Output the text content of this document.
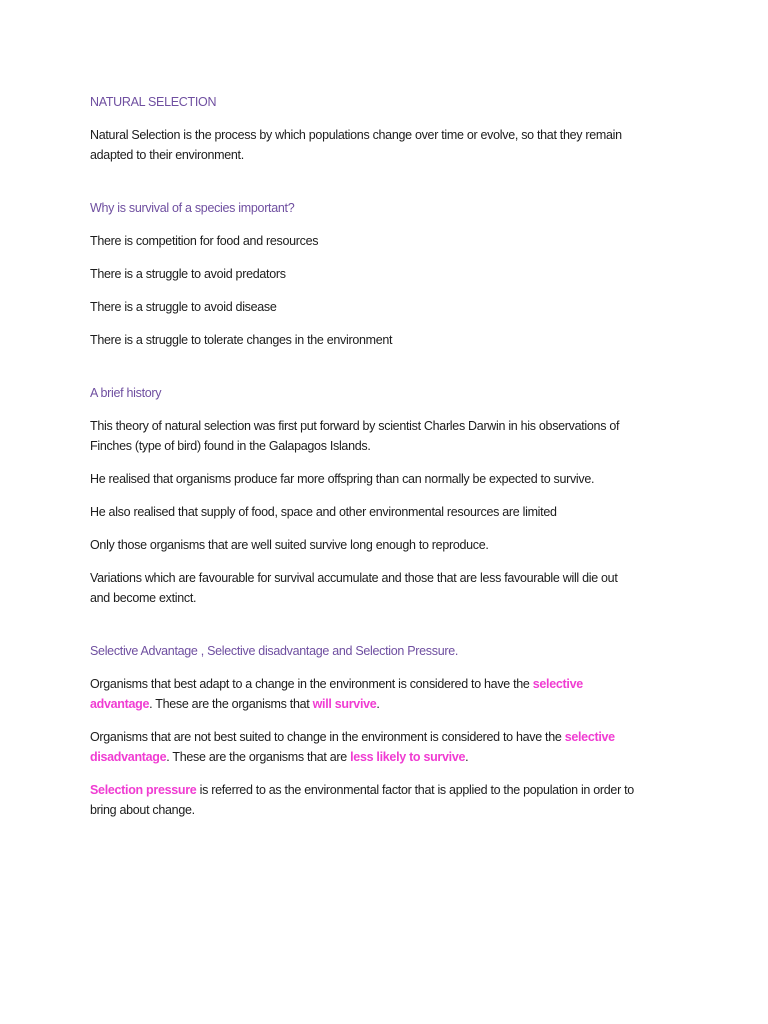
NATURAL SELECTION
Natural Selection is the process by which populations change over time or evolve, so that they remain
adapted to their environment.
Why is survival of a species important?
There is competition for food and resources
There is a struggle to avoid predators
There is a struggle to avoid disease
There is a struggle to tolerate changes in the environment
A brief history
This theory of natural selection was first put forward by scientist Charles Darwin in his observations of
Finches (type of bird) found in the Galapagos Islands.
He realised that organisms produce far more offspring than can normally be expected to survive.
He also realised that supply of food, space and other environmental resources are limited
Only those organisms that are well suited survive long enough to reproduce.
Variations which are favourable for survival accumulate and those that are less favourable will die out
and become extinct.
Selective Advantage , Selective disadvantage and Selection Pressure.
Organisms that best adapt to a change in the environment is considered to have the selective
advantage. These are the organisms that will survive.
Organisms that are not best suited to change in the environment is considered to have the selective
disadvantage. These are the organisms that are less likely to survive.
Selection pressure is referred to as the environmental factor that is applied to the population in order to
bring about change.
